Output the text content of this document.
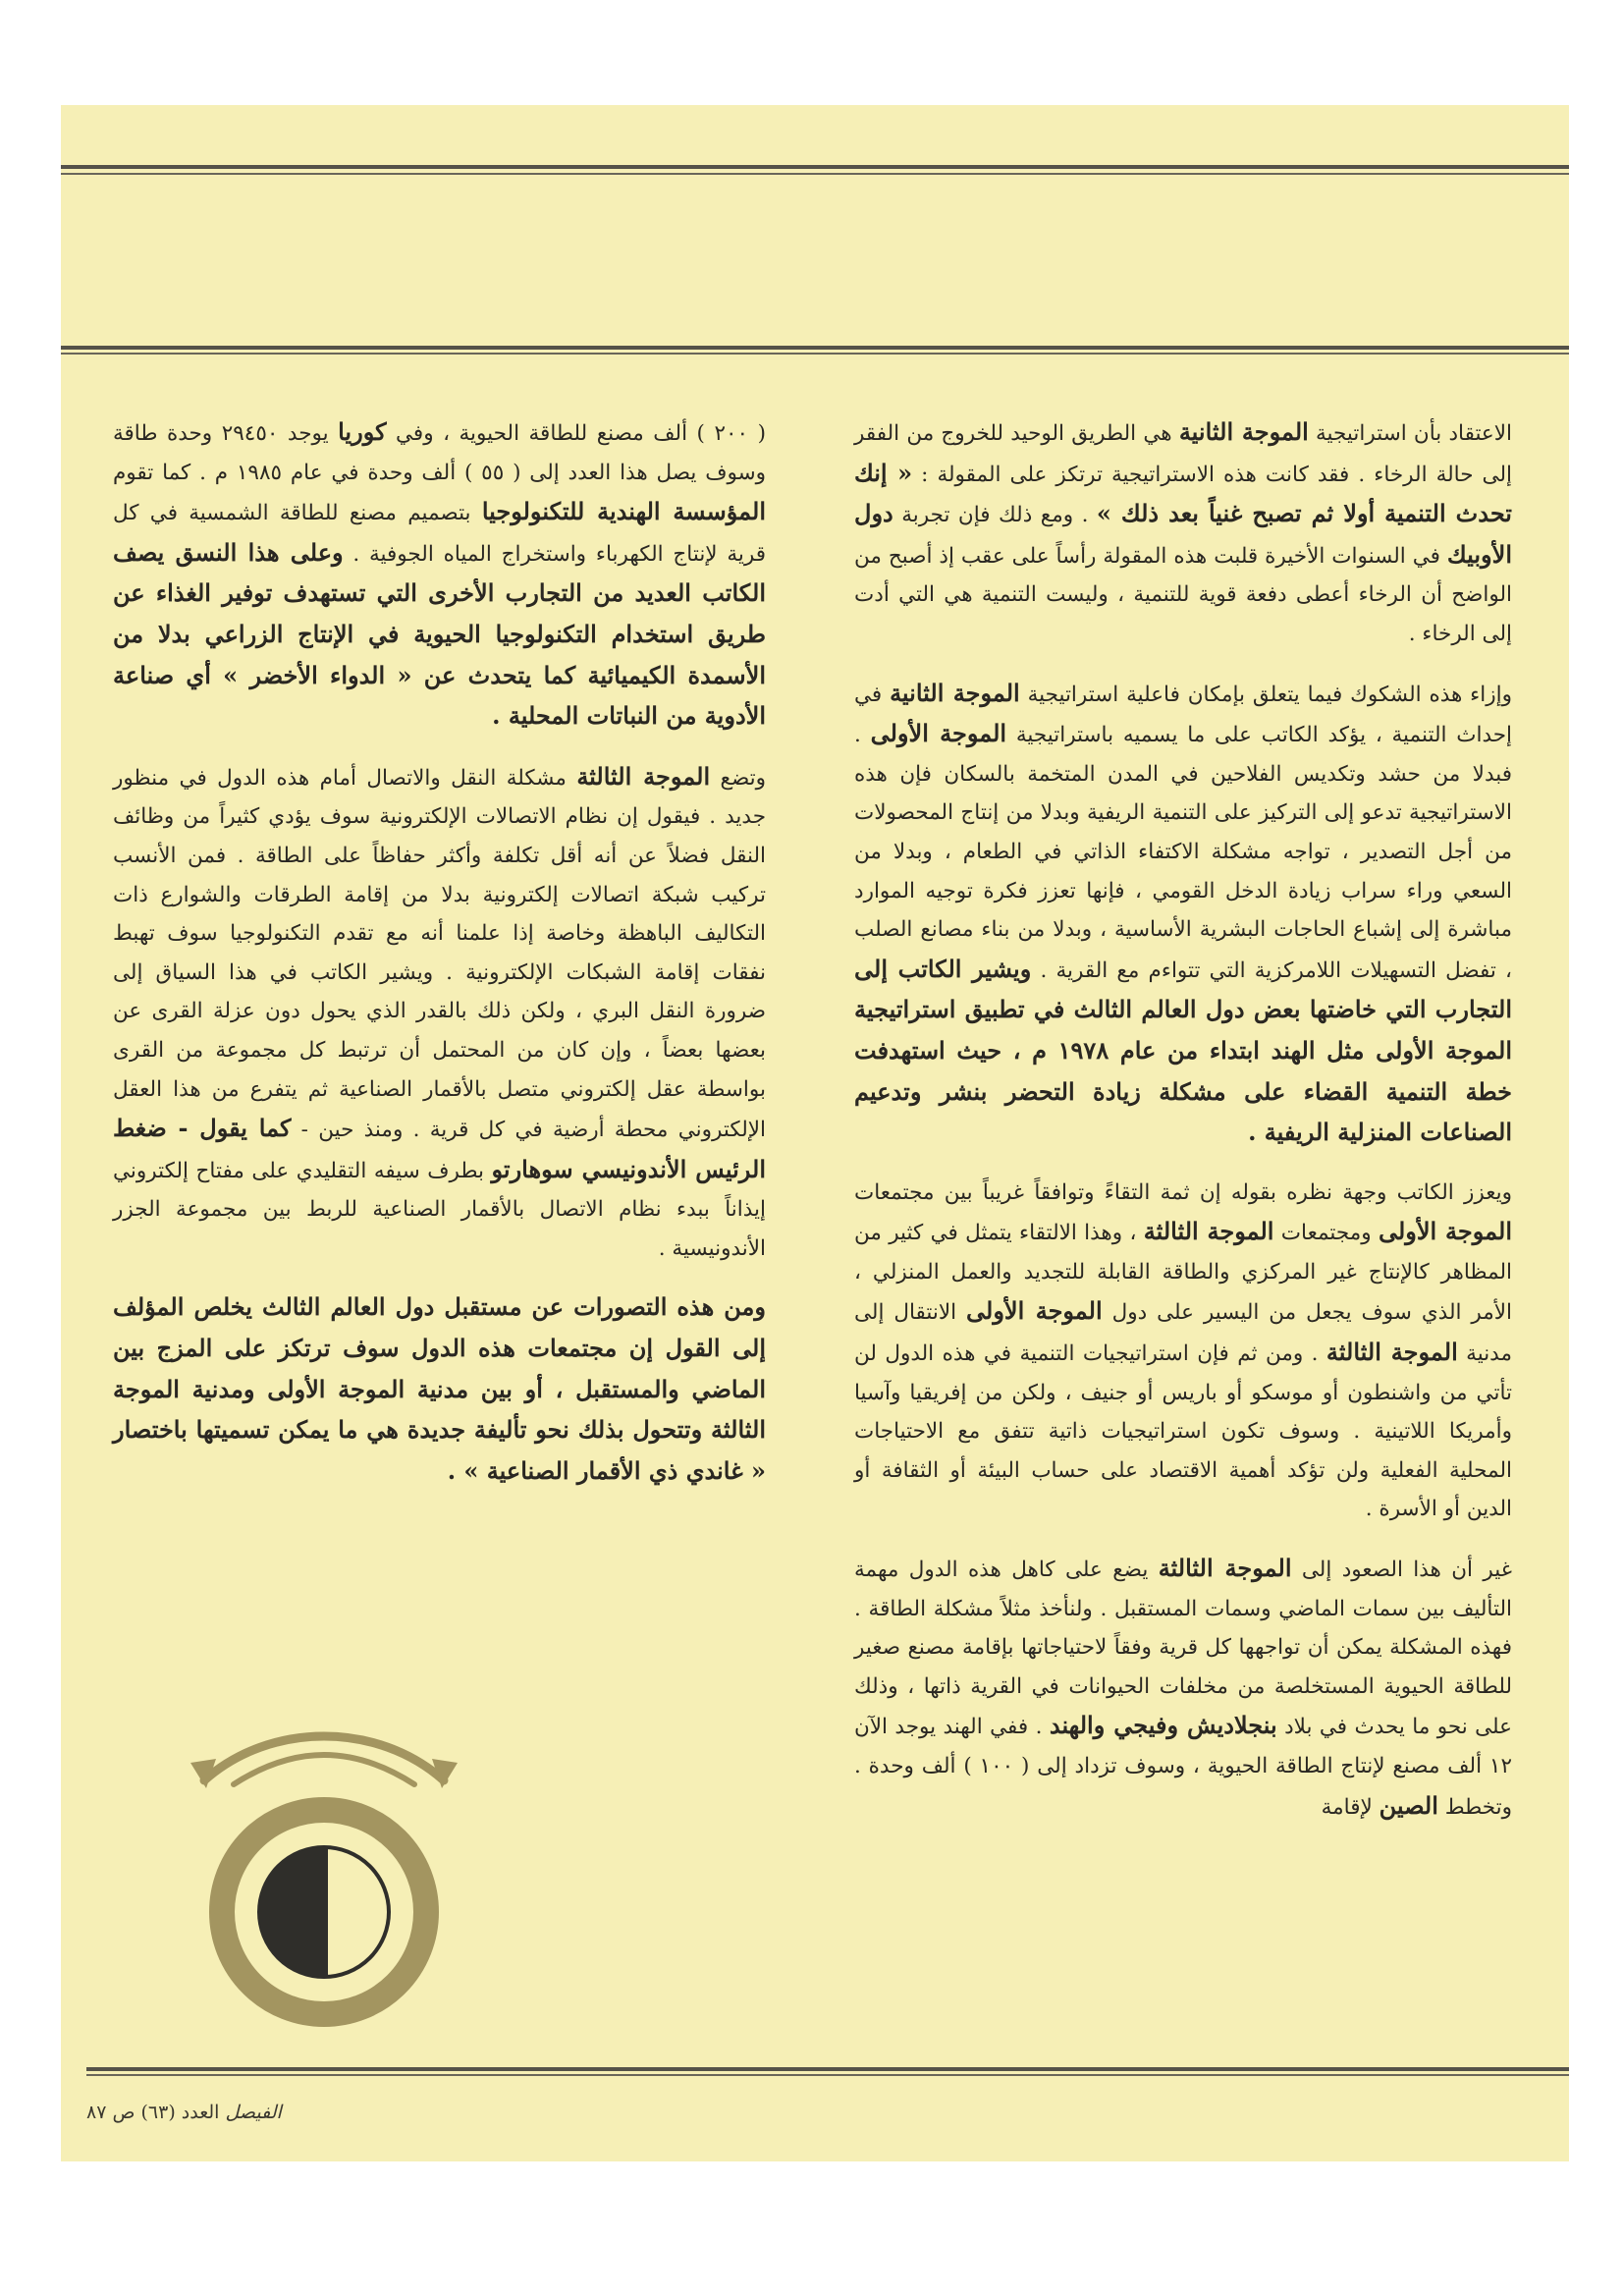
الاعتقاد بأن استراتيجية الموجة الثانية هي الطريق الوحيد للخروج من الفقر إلى حالة الرخاء . فقد كانت هذه الاستراتيجية ترتكز على المقولة : « إنك تحدث التنمية أولا ثم تصبح غنياً بعد ذلك » . ومع ذلك فإن تجربة دول الأوبيك في السنوات الأخيرة قلبت هذه المقولة رأساً على عقب إذ أصبح من الواضح أن الرخاء أعطى دفعة قوية للتنمية ، وليست التنمية هي التي أدت إلى الرخاء .

وإزاء هذه الشكوك فيما يتعلق بإمكان فاعلية استراتيجية الموجة الثانية في إحداث التنمية ، يؤكد الكاتب على ما يسميه باستراتيجية الموجة الأولى . فبدلا من حشد وتكديس الفلاحين في المدن المتخمة بالسكان فإن هذه الاستراتيجية تدعو إلى التركيز على التنمية الريفية وبدلا من إنتاج المحصولات من أجل التصدير ، تواجه مشكلة الاكتفاء الذاتي في الطعام ، وبدلا من السعي وراء سراب زيادة الدخل القومي ، فإنها تعزز فكرة توجيه الموارد مباشرة إلى إشباع الحاجات البشرية الأساسية ، وبدلا من بناء مصانع الصلب ، تفضل التسهيلات اللامركزية التي تتواءم مع القرية . ويشير الكاتب إلى التجارب التي خاضتها بعض دول العالم الثالث في تطبيق استراتيجية الموجة الأولى مثل الهند ابتداء من عام ١٩٧٨ م ، حيث استهدفت خطة التنمية القضاء على مشكلة زيادة التحضر بنشر وتدعيم الصناعات المنزلية الريفية .

ويعزز الكاتب وجهة نظره بقوله إن ثمة التقاءً وتوافقاً غريباً بين مجتمعات الموجة الأولى ومجتمعات الموجة الثالثة ، وهذا الالتقاء يتمثل في كثير من المظاهر كالإنتاج غير المركزي والطاقة القابلة للتجديد والعمل المنزلي ، الأمر الذي سوف يجعل من اليسير على دول الموجة الأولى الانتقال إلى مدنية الموجة الثالثة . ومن ثم فإن استراتيجيات التنمية في هذه الدول لن تأتي من واشنطون أو موسكو أو باريس أو جنيف ، ولكن من إفريقيا وآسيا وأمريكا اللاتينية . وسوف تكون استراتيجيات ذاتية تتفق مع الاحتياجات المحلية الفعلية ولن تؤكد أهمية الاقتصاد على حساب البيئة أو الثقافة أو الدين أو الأسرة .

غير أن هذا الصعود إلى الموجة الثالثة يضع على كاهل هذه الدول مهمة التأليف بين سمات الماضي وسمات المستقبل . ولنأخذ مثلاً مشكلة الطاقة . فهذه المشكلة يمكن أن تواجهها كل قرية وفقاً لاحتياجاتها بإقامة مصنع صغير للطاقة الحيوية المستخلصة من مخلفات الحيوانات في القرية ذاتها ، وذلك على نحو ما يحدث في بلاد بنجلاديش وفيجي والهند . ففي الهند يوجد الآن ١٢ ألف مصنع لإنتاج الطاقة الحيوية ، وسوف تزداد إلى ( ١٠٠ ) ألف وحدة . وتخطط الصين لإقامة

( ٢٠٠ ) ألف مصنع للطاقة الحيوية ، وفي كوريا يوجد ٢٩٤٥٠ وحدة طاقة وسوف يصل هذا العدد إلى ( ٥٥ ) ألف وحدة في عام ١٩٨٥ م . كما تقوم المؤسسة الهندية للتكنولوجيا بتصميم مصنع للطاقة الشمسية في كل قرية لإنتاج الكهرباء واستخراج المياه الجوفية . وعلى هذا النسق يصف الكاتب العديد من التجارب الأخرى التي تستهدف توفير الغذاء عن طريق استخدام التكنولوجيا الحيوية في الإنتاج الزراعي بدلا من الأسمدة الكيميائية كما يتحدث عن « الدواء الأخضر » أي صناعة الأدوية من النباتات المحلية .

وتضع الموجة الثالثة مشكلة النقل والاتصال أمام هذه الدول في منظور جديد . فيقول إن نظام الاتصالات الإلكترونية سوف يؤدي كثيراً من وظائف النقل فضلاً عن أنه أقل تكلفة وأكثر حفاظاً على الطاقة . فمن الأنسب تركيب شبكة اتصالات إلكترونية بدلا من إقامة الطرقات والشوارع ذات التكاليف الباهظة وخاصة إذا علمنا أنه مع تقدم التكنولوجيا سوف تهبط نفقات إقامة الشبكات الإلكترونية . ويشير الكاتب في هذا السياق إلى ضرورة النقل البري ، ولكن ذلك بالقدر الذي يحول دون عزلة القرى عن بعضها بعضاً ، وإن كان من المحتمل أن ترتبط كل مجموعة من القرى بواسطة عقل إلكتروني متصل بالأقمار الصناعية ثم يتفرع من هذا العقل الإلكتروني محطة أرضية في كل قرية . ومنذ حين - كما يقول - ضغط الرئيس الأندونيسي سوهارتو بطرف سيفه التقليدي على مفتاح إلكتروني إيذاناً ببدء نظام الاتصال بالأقمار الصناعية للربط بين مجموعة الجزر الأندونيسية .

ومن هذه التصورات عن مستقبل دول العالم الثالث يخلص المؤلف إلى القول إن مجتمعات هذه الدول سوف ترتكز على المزج بين الماضي والمستقبل ، أو بين مدنية الموجة الأولى ومدنية الموجة الثالثة وتتحول بذلك نحو تأليفة جديدة هي ما يمكن تسميتها باختصار « غاندي ذي الأقمار الصناعية » .

الفيصل العدد (٦٣) ص ٨٧
